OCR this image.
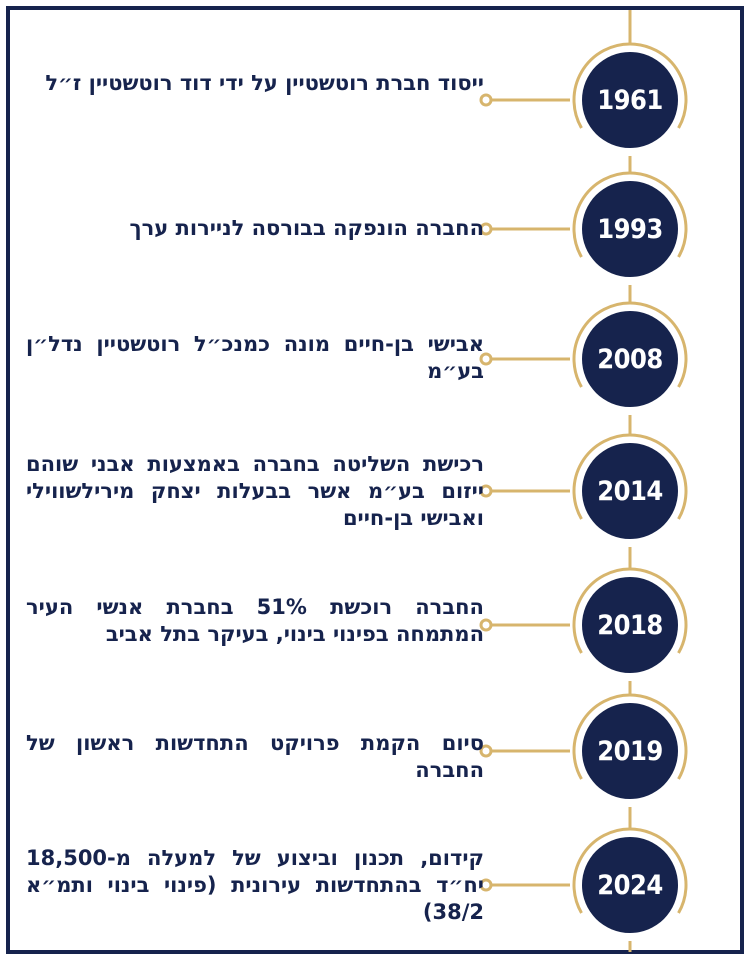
1961
ייסוד חברת רוטשטיין על ידי דוד רוטשטיין ז״ל
1993
החברה הונפקה בבורסה לניירות ערך
2008
אבישי בן-חיים מונה כמנכ״ל רוטשטיין נדל״ן בע״מ
2014
רכישת השליטה בחברה באמצעות אבני שוהם ייזום בע״מ אשר בבעלות יצחק מירילשווילי ואבישי בן-חיים
2018
החברה רוכשת 51% בחברת אנשי העיר המתמחה בפינוי בינוי, בעיקר בתל אביב
2019
סיום הקמת פרויקט התחדשות ראשון של החברה
2024
קידום, תכנון וביצוע של למעלה מ-18,500 יח״ד בהתחדשות עירונית (פינוי בינוי ותמ״א 38/2)
